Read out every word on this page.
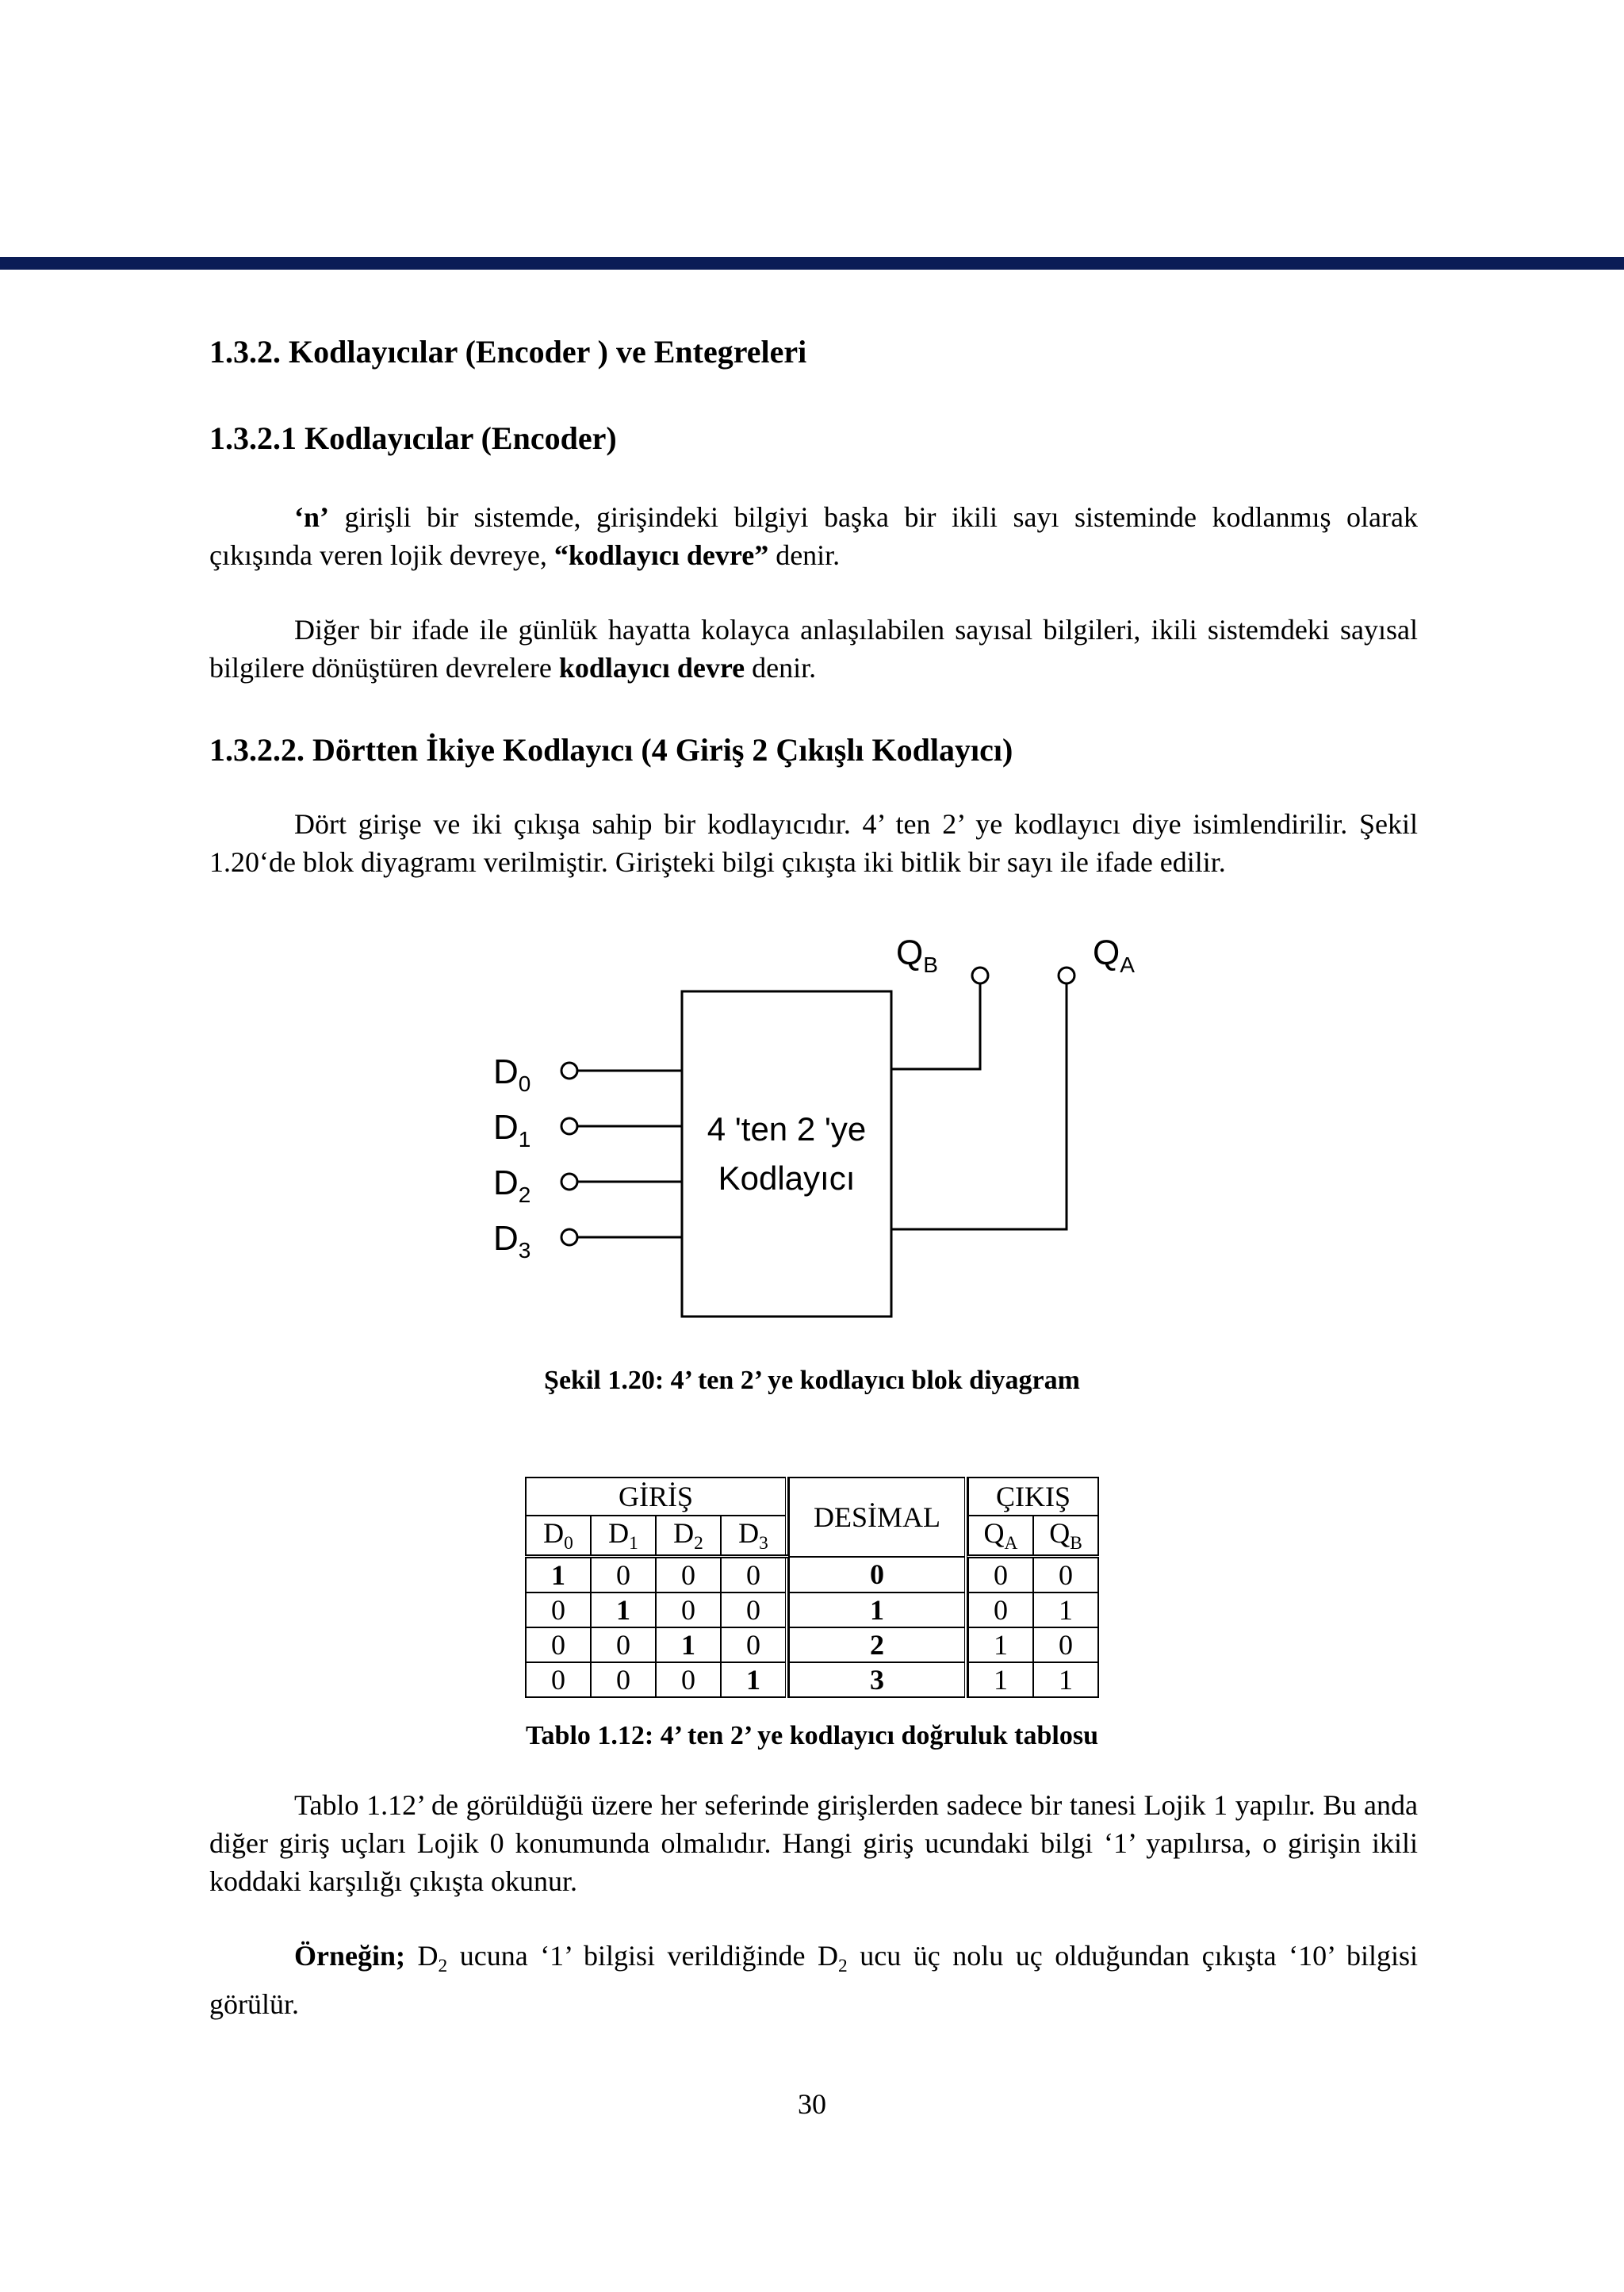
1.3.2. Kodlayıcılar (Encoder ) ve Entegreleri
1.3.2.1 Kodlayıcılar (Encoder)

‘n’ girişli bir sistemde, girişindeki bilgiyi başka bir ikili sayı sisteminde kodlanmış olarak çıkışında veren lojik devreye, “kodlayıcı devre” denir.

Diğer bir ifade ile günlük hayatta kolayca anlaşılabilen sayısal bilgileri, ikili sistemdeki sayısal bilgilere dönüştüren devrelere kodlayıcı devre denir.

1.3.2.2. Dörtten İkiye Kodlayıcı (4 Giriş 2 Çıkışlı Kodlayıcı)

Dört girişe ve iki çıkışa sahip bir kodlayıcıdır. 4’ ten 2’ ye kodlayıcı diye isimlendirilir. Şekil 1.20‘de blok diyagramı verilmiştir. Girişteki bilgi çıkışta iki bitlik bir sayı ile ifade edilir.

4 'ten 2 'ye
Kodlayıcı
$D_0$
$D_1$
$D_2$
$D_3$
$Q_B$	$Q_A$
Şekil 1.20: 4’ ten 2’ ye kodlayıcı blok diyagram
GİRİŞ					DESİMAL		ÇIKIŞ	
$D_0$	$D_1$	$D_2$	$D_3$				$Q_A$	$Q_B$
1	0	0	0		0		0	0
0	1	0	0		1		0	1
0	0	1	0		2		1	0
0	0	0	1		3		1	1
Tablo 1.12: 4’ ten 2’ ye kodlayıcı doğruluk tablosu

Tablo 1.12’ de görüldüğü üzere her seferinde girişlerden sadece bir tanesi Lojik 1 yapılır. Bu anda diğer giriş uçları Lojik 0 konumunda olmalıdır. Hangi giriş ucundaki bilgi ‘1’ yapılırsa, o girişin ikili koddaki karşılığı çıkışta okunur.

Örneğin; $D_2$ ucuna ‘1’ bilgisi verildiğinde $D_2$ ucu üç nolu uç olduğundan çıkışta ‘10’ bilgisi görülür.

30
